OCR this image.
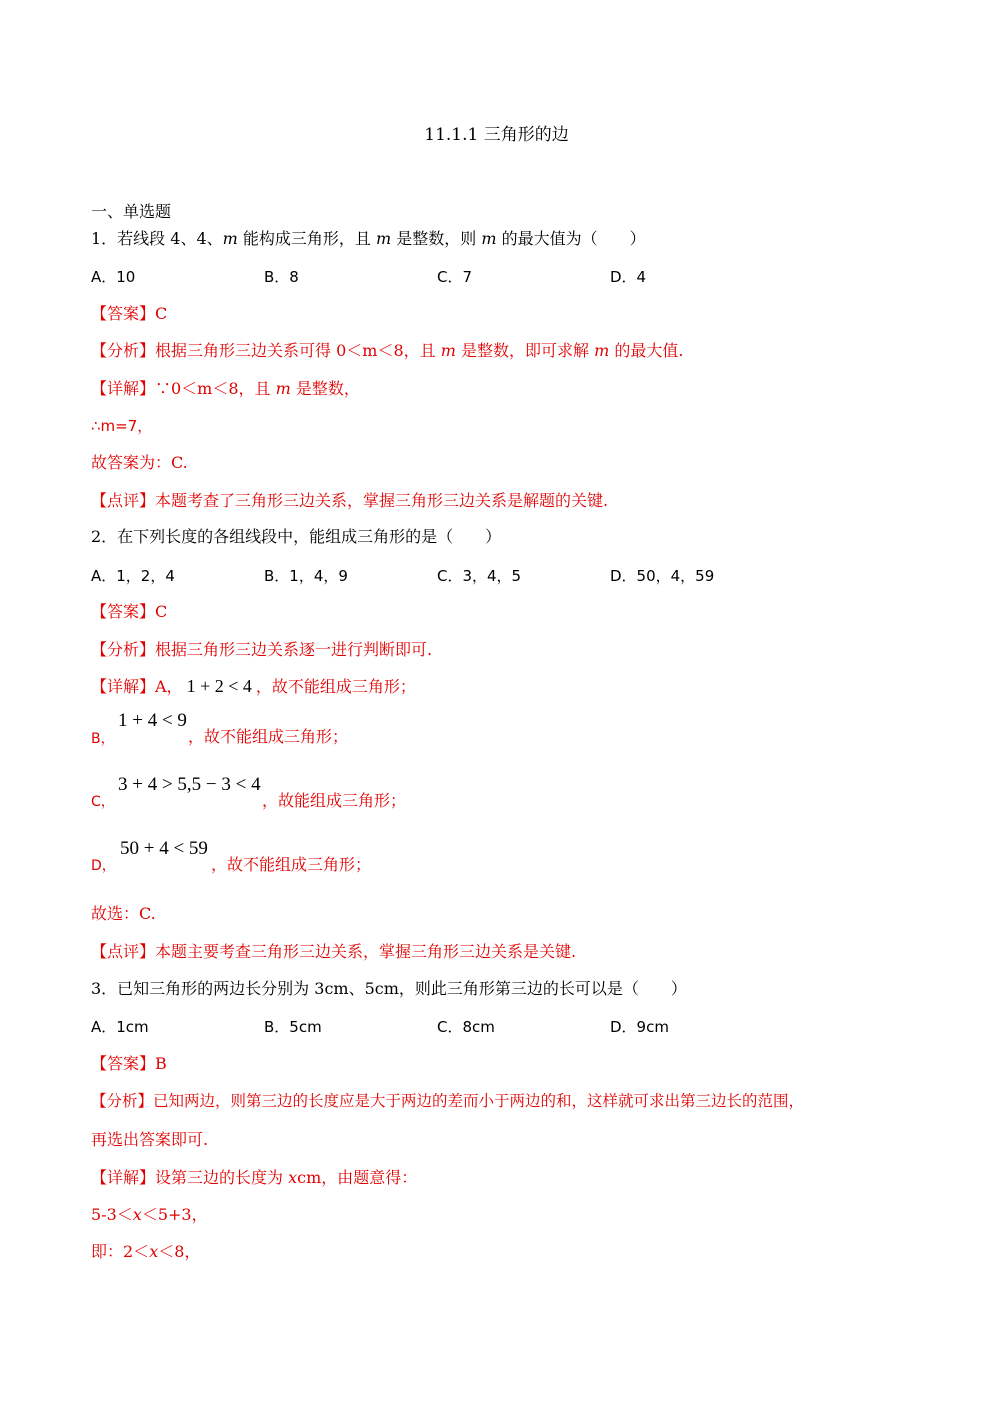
11.1.1 三角形的边
一、单选题
1．若线段 4、4、m 能构成三角形，且 m 是整数，则 m 的最大值为（　　）
A．10	B．8	C．7	D．4
【答案】C
【分析】根据三角形三边关系可得 0＜m＜8，且 m 是整数，即可求解 m 的最大值.
【详解】∵0＜m＜8，且 m 是整数，
∴m=7，
故答案为：C.
【点评】本题考查了三角形三边关系，掌握三角形三边关系是解题的关键.
2．在下列长度的各组线段中，能组成三角形的是（　　）
A．1，2，4	B．1，4，9	C．3，4，5	D．50，4，59
【答案】C
【分析】根据三角形三边关系逐一进行判断即可.
【详解】A， 1 + 2 < 4 ，故不能组成三角形；
B，
1 + 4 < 9
，故不能组成三角形；
C，
3 + 4 > 5,5 − 3 < 4
，故能组成三角形；
D，
50 + 4 < 59
，故不能组成三角形；
故选：C.
【点评】本题主要考查三角形三边关系，掌握三角形三边关系是关键.
3．已知三角形的两边长分别为 3cm、5cm，则此三角形第三边的长可以是（　　）
A．1cm	B．5cm	C．8cm	D．9cm
【答案】B
【分析】已知两边，则第三边的长度应是大于两边的差而小于两边的和，这样就可求出第三边长的范围，
再选出答案即可.
【详解】设第三边的长度为 xcm，由题意得：
5-3＜x＜5+3，
即：2＜x＜8，
